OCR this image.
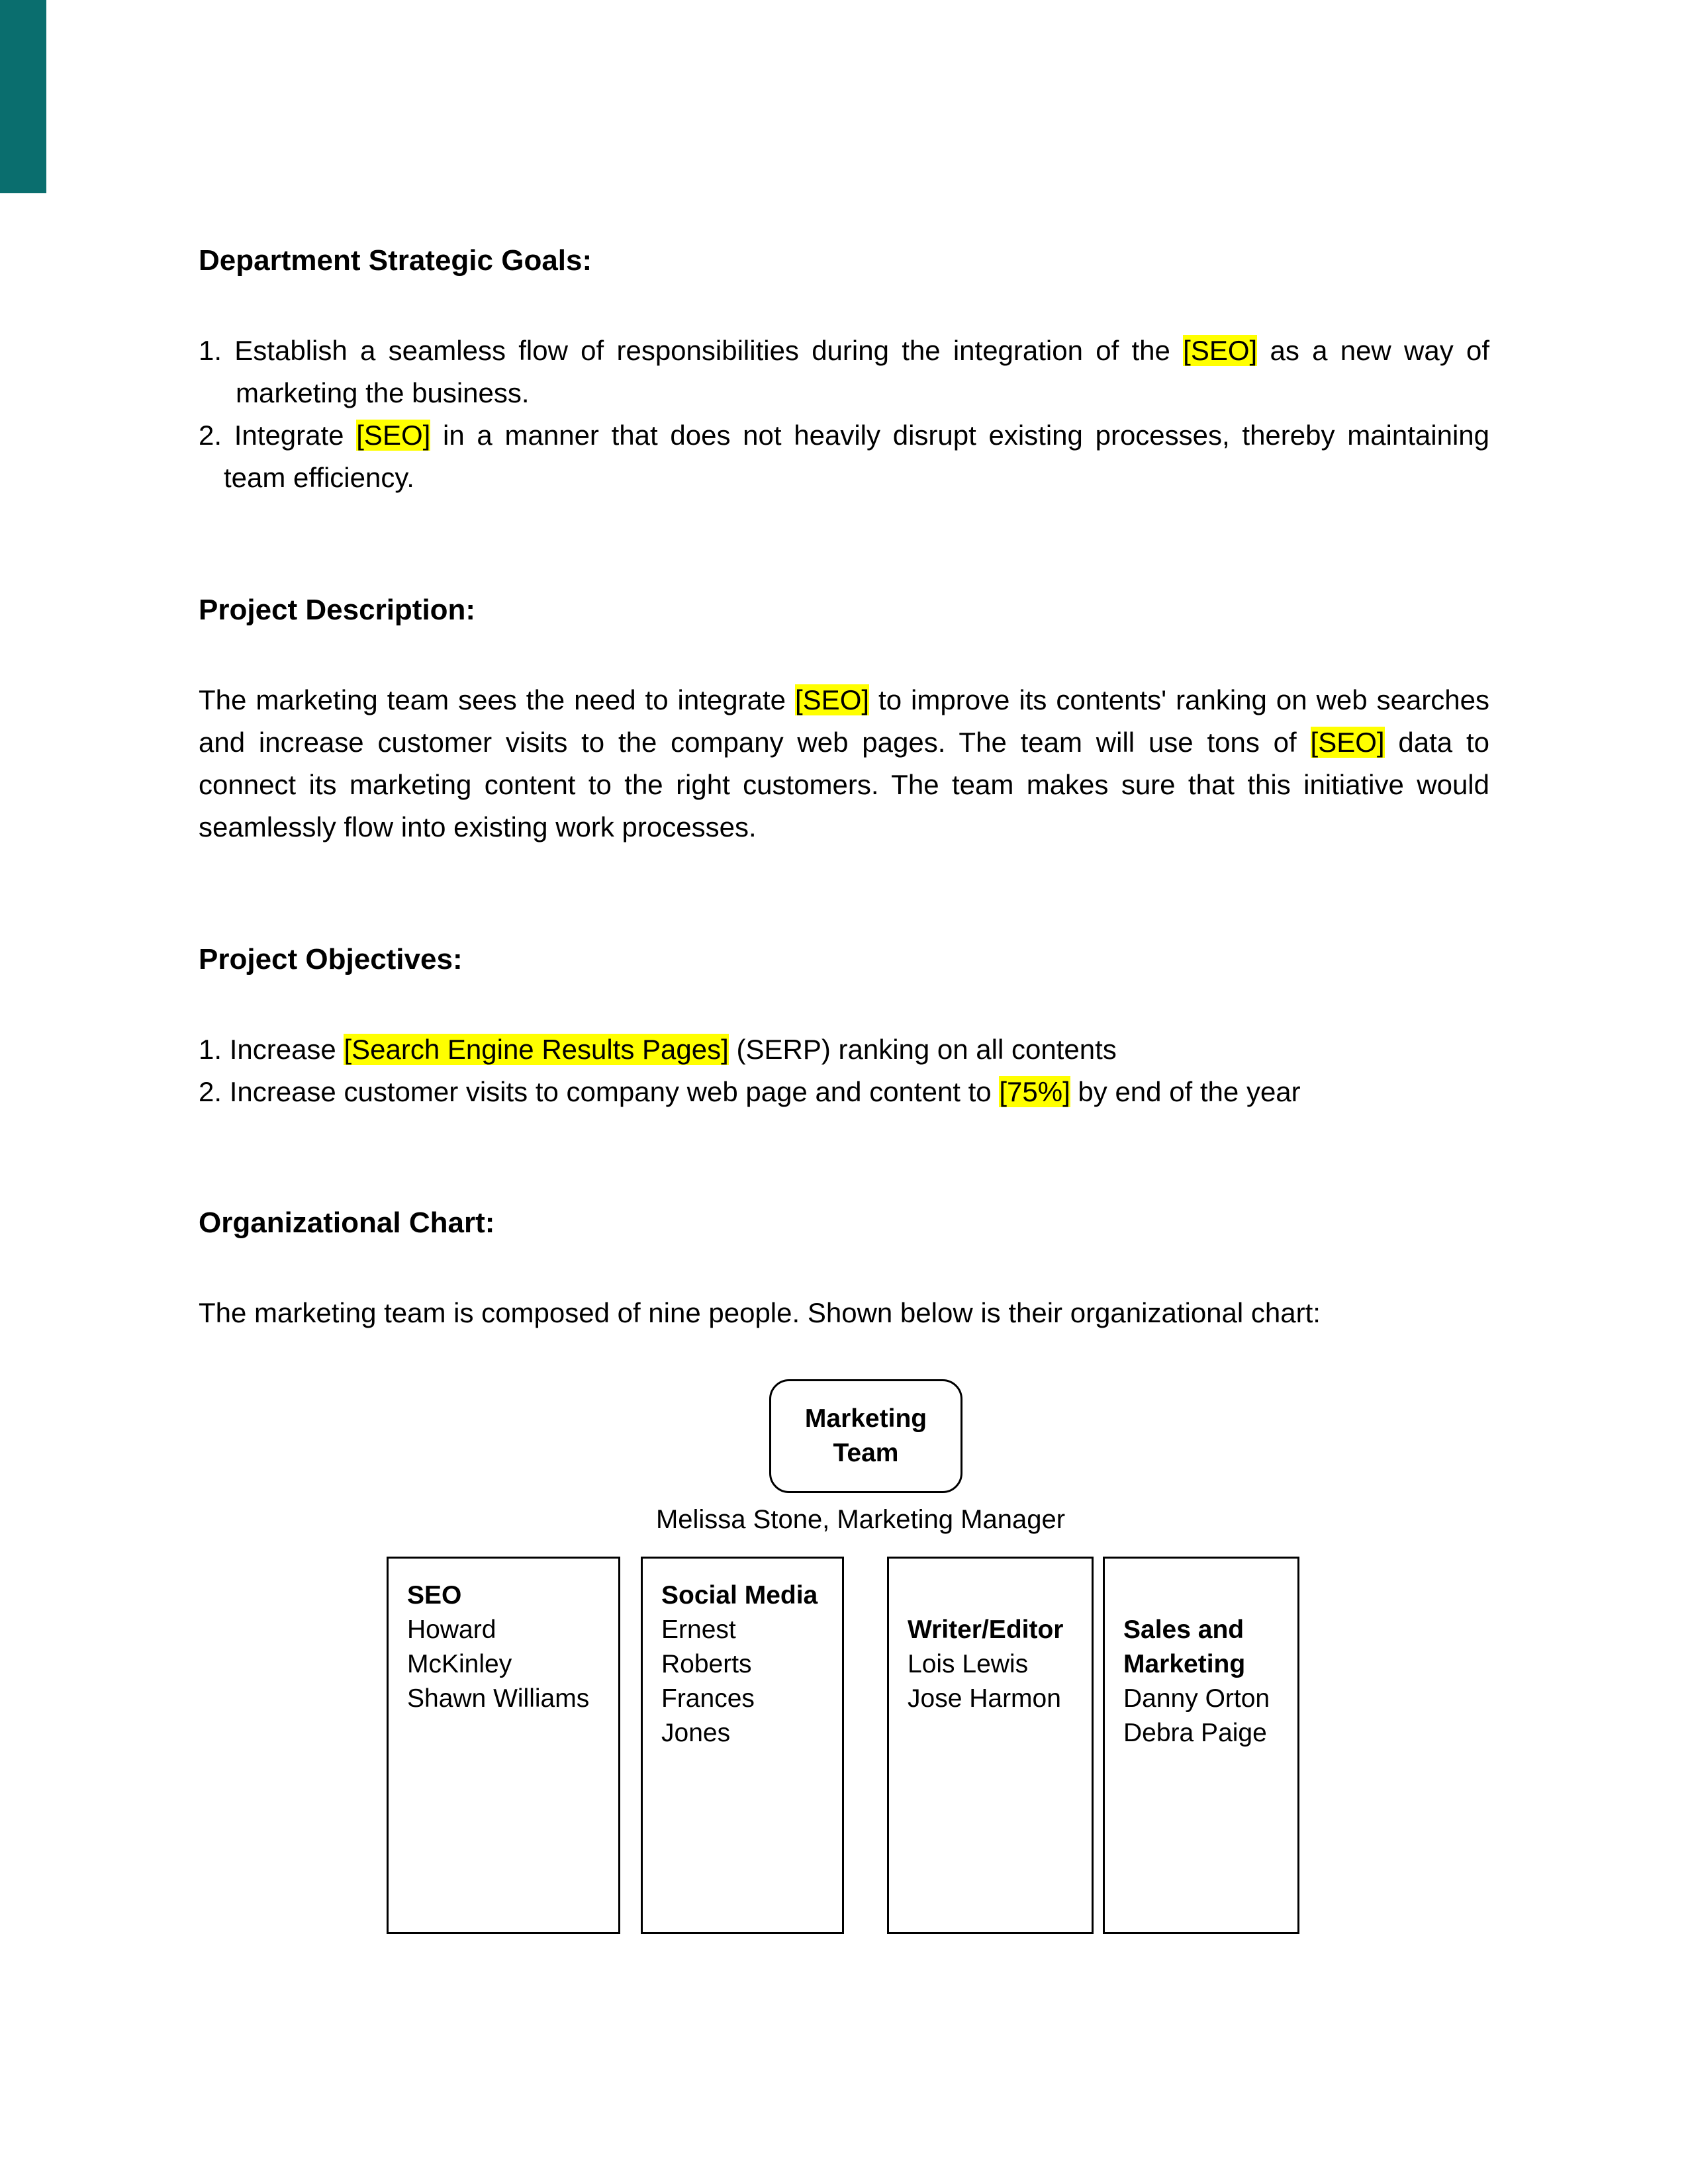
Department Strategic Goals:

1. Establish a seamless flow of responsibilities during the integration of the [SEO] as a new way of marketing the business.

2. Integrate [SEO] in a manner that does not heavily disrupt existing processes, thereby maintaining team efficiency.

Project Description:

The marketing team sees the need to integrate [SEO] to improve its contents' ranking on web searches and increase customer visits to the company web pages. The team will use tons of [SEO] data to connect its marketing content to the right customers. The team makes sure that this initiative would seamlessly flow into existing work processes.

Project Objectives:

1. Increase [Search Engine Results Pages] (SERP) ranking on all contents

2. Increase customer visits to company web page and content to [75%] by end of the year

Organizational Chart:

The marketing team is composed of nine people. Shown below is their organizational chart:

Marketing
Team
Melissa Stone, Marketing Manager
SEO
Howard
McKinley
Shawn Williams
Social Media
Ernest
Roberts
Frances Jones
Writer/Editor
Lois Lewis
Jose Harmon
Sales and
Marketing
Danny Orton
Debra Paige
